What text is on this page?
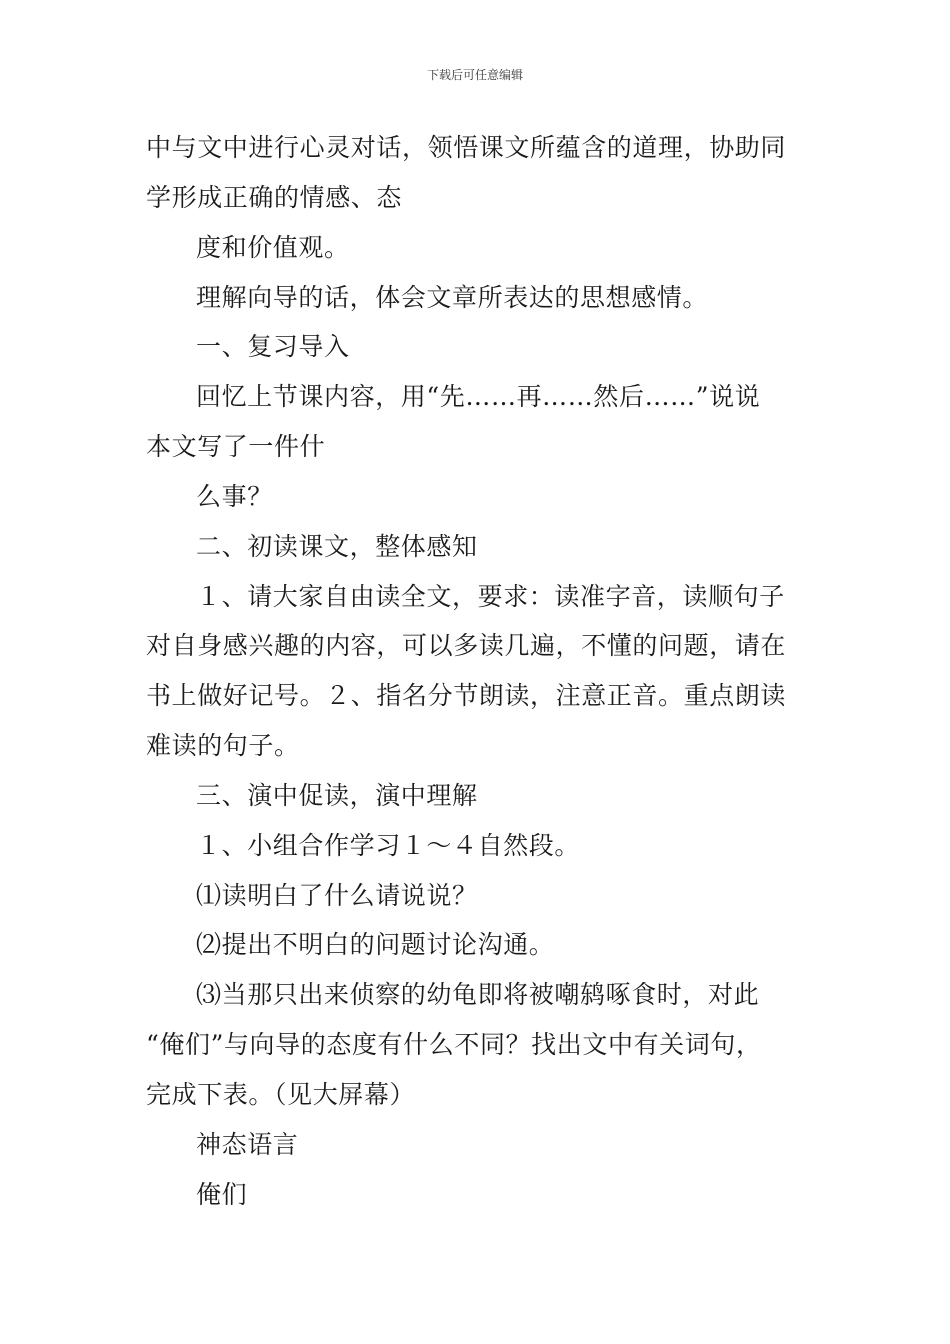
下载后可任意编辑
中与文中进行心灵对话，领悟课文所蕴含的道理，协助同
学形成正确的情感、态
度和价值观。
理解向导的话，体会文章所表达的思想感情。
一、复习导入
回忆上节课内容，用“先……再……然后……”说说
本文写了一件什
么事？
二、初读课文，整体感知
１、请大家自由读全文，要求：读准字音，读顺句子
对自身感兴趣的内容，可以多读几遍，不懂的问题，请在
书上做好记号。２、指名分节朗读，注意正音。重点朗读
难读的句子。
三、演中促读，演中理解
１、小组合作学习１～４自然段。
⑴读明白了什么请说说？
⑵提出不明白的问题讨论沟通。
⑶当那只出来侦察的幼龟即将被嘲鸫啄食时，对此
“俺们”与向导的态度有什么不同？找出文中有关词句，
完成下表。（见大屏幕）
神态语言
俺们
